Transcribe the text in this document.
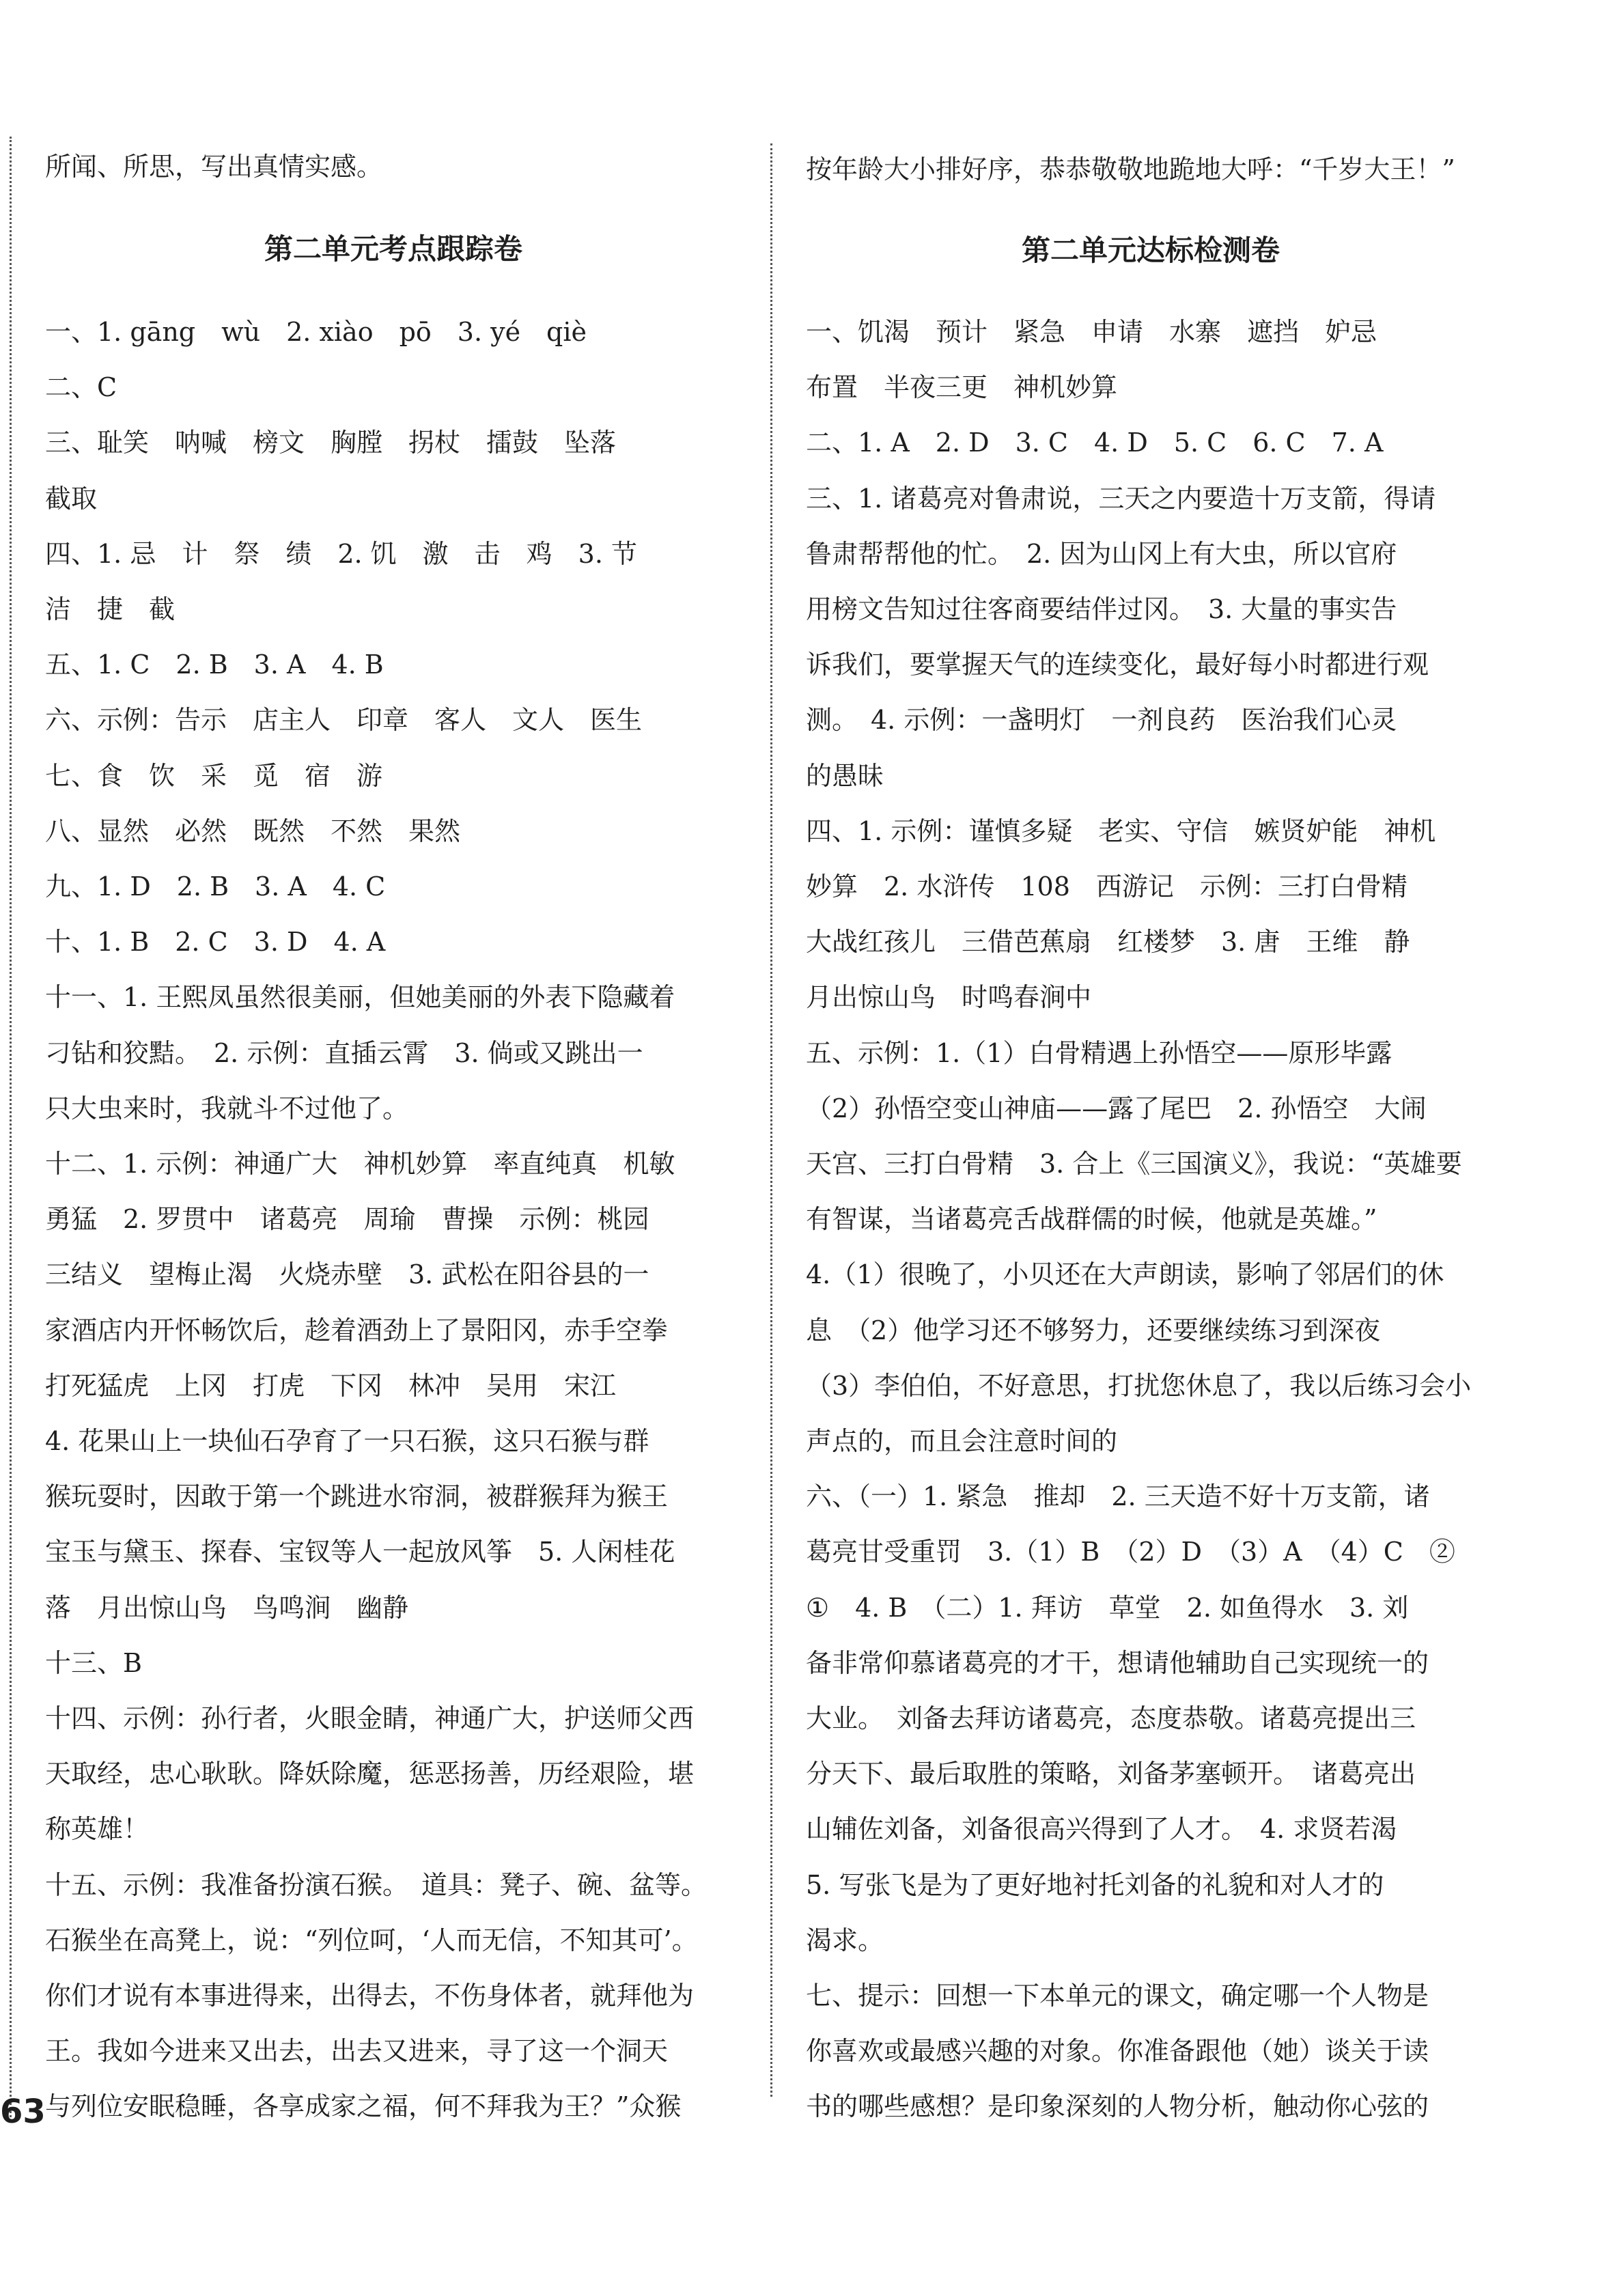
所闻、所思，写出真情实感。
第二单元考点跟踪卷
一、1. gāng　wù　2. xiào　pō　3. yé　qiè
二、C
三、耻笑　呐喊　榜文　胸膛　拐杖　擂鼓　坠落
截取
四、1. 忌　计　祭　绩　2. 饥　激　击　鸡　3. 节
洁　捷　截
五、1. C　2. B　3. A　4. B
六、示例：告示　店主人　印章　客人　文人　医生
七、食　饮　采　觅　宿　游
八、显然　必然　既然　不然　果然
九、1. D　2. B　3. A　4. C
十、1. B　2. C　3. D　4. A
十一、1. 王熙凤虽然很美丽，但她美丽的外表下隐藏着
刁钻和狡黠。　2. 示例：直插云霄　3. 倘或又跳出一
只大虫来时，我就斗不过他了。
十二、1. 示例：神通广大　神机妙算　率直纯真　机敏
勇猛　2. 罗贯中　诸葛亮　周瑜　曹操　示例：桃园
三结义　望梅止渴　火烧赤壁　3. 武松在阳谷县的一
家酒店内开怀畅饮后，趁着酒劲上了景阳冈，赤手空拳
打死猛虎　上冈　打虎　下冈　林冲　吴用　宋江
4. 花果山上一块仙石孕育了一只石猴，这只石猴与群
猴玩耍时，因敢于第一个跳进水帘洞，被群猴拜为猴王
宝玉与黛玉、探春、宝钗等人一起放风筝　5. 人闲桂花
落　月出惊山鸟　鸟鸣涧　幽静
十三、B
十四、示例：孙行者，火眼金睛，神通广大，护送师父西
天取经，忠心耿耿。降妖除魔，惩恶扬善，历经艰险，堪
称英雄！
十五、示例：我准备扮演石猴。　道具：凳子、碗、盆等。
石猴坐在高凳上，说：“列位呵，‘人而无信，不知其可’。
你们才说有本事进得来，出得去，不伤身体者，就拜他为
王。我如今进来又出去，出去又进来，寻了这一个洞天
与列位安眠稳睡，各享成家之福，何不拜我为王？”众猴
按年龄大小排好序，恭恭敬敬地跪地大呼：“千岁大王！”
第二单元达标检测卷
一、饥渴　预计　紧急　申请　水寨　遮挡　妒忌
布置　半夜三更　神机妙算
二、1. A　2. D　3. C　4. D　5. C　6. C　7. A
三、1. 诸葛亮对鲁肃说，三天之内要造十万支箭，得请
鲁肃帮帮他的忙。　2. 因为山冈上有大虫，所以官府
用榜文告知过往客商要结伴过冈。　3. 大量的事实告
诉我们，要掌握天气的连续变化，最好每小时都进行观
测。　4. 示例：一盏明灯　一剂良药　医治我们心灵
的愚昧
四、1. 示例：谨慎多疑　老实、守信　嫉贤妒能　神机
妙算　2. 水浒传　108　西游记　示例：三打白骨精
大战红孩儿　三借芭蕉扇　红楼梦　3. 唐　王维　静
月出惊山鸟　时鸣春涧中
五、示例：1.（1）白骨精遇上孙悟空——原形毕露
（2）孙悟空变山神庙——露了尾巴　2. 孙悟空　大闹
天宫、三打白骨精　3. 合上《三国演义》，我说：“英雄要
有智谋，当诸葛亮舌战群儒的时候，他就是英雄。”
4.（1）很晚了，小贝还在大声朗读，影响了邻居们的休
息　（2）他学习还不够努力，还要继续练习到深夜
（3）李伯伯，不好意思，打扰您休息了，我以后练习会小
声点的，而且会注意时间的
六、（一）1. 紧急　推却　2. 三天造不好十万支箭，诸
葛亮甘受重罚　3.（1）B　（2）D　（3）A　（4）C　②
①　4. B　（二）1. 拜访　草堂　2. 如鱼得水　3. 刘
备非常仰慕诸葛亮的才干，想请他辅助自己实现统一的
大业。　刘备去拜访诸葛亮，态度恭敬。诸葛亮提出三
分天下、最后取胜的策略，刘备茅塞顿开。　诸葛亮出
山辅佐刘备，刘备很高兴得到了人才。　4. 求贤若渴
5. 写张飞是为了更好地衬托刘备的礼貌和对人才的
渴求。
七、提示：回想一下本单元的课文，确定哪一个人物是
你喜欢或最感兴趣的对象。你准备跟他（她）谈关于读
书的哪些感想？是印象深刻的人物分析，触动你心弦的
63
